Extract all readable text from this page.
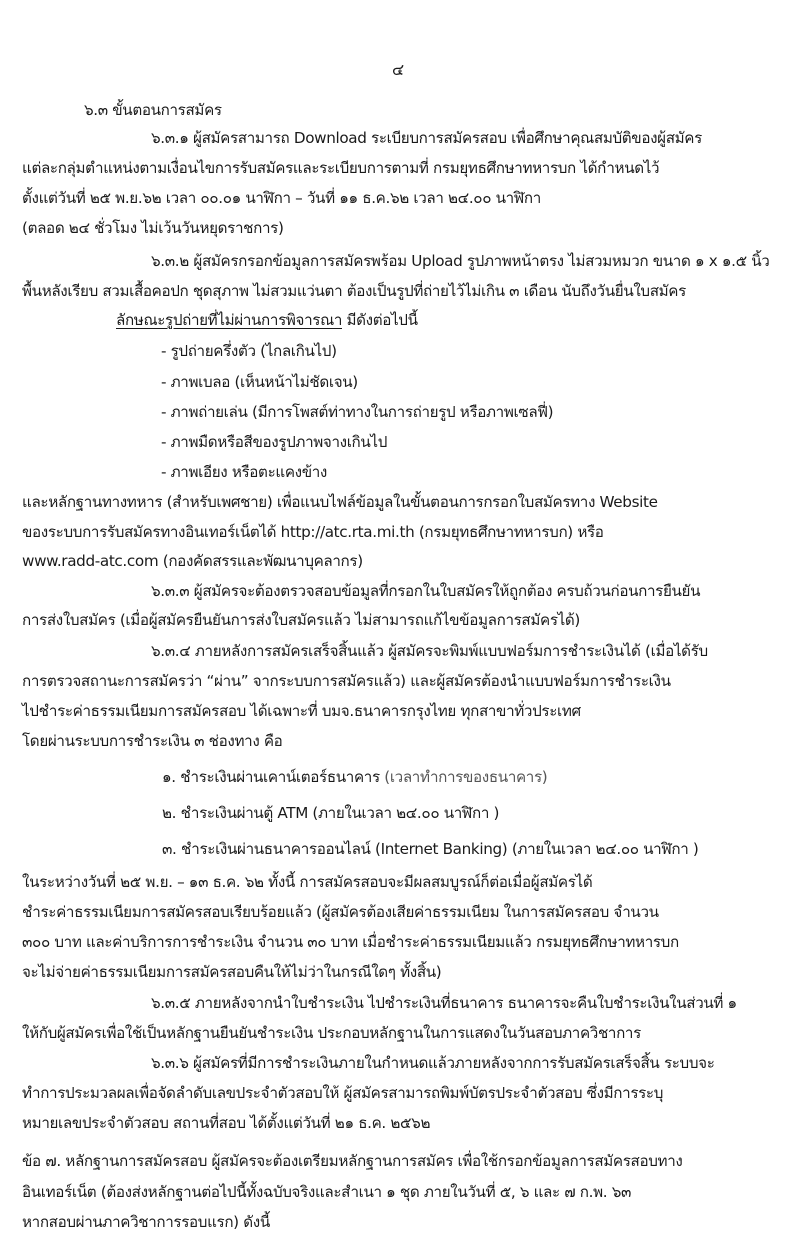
๔
๖.๓ ขั้นตอนการสมัคร
๖.๓.๑ ผู้สมัครสามารถ Download ระเบียบการสมัครสอบ เพื่อศึกษาคุณสมบัติของผู้สมัคร
แต่ละกลุ่มตำแหน่งตามเงื่อนไขการรับสมัครและระเบียบการตามที่ กรมยุทธศึกษาทหารบก ได้กำหนดไว้
ตั้งแต่วันที่ ๒๕ พ.ย.๖๒ เวลา ๐๐.๐๑ นาฬิกา – วันที่ ๑๑ ธ.ค.๖๒ เวลา ๒๔.๐๐ นาฬิกา
(ตลอด ๒๔ ชั่วโมง ไม่เว้นวันหยุดราชการ)
๖.๓.๒ ผู้สมัครกรอกข้อมูลการสมัครพร้อม Upload รูปภาพหน้าตรง ไม่สวมหมวก ขนาด ๑ x ๑.๕ นิ้ว
พื้นหลังเรียบ สวมเสื้อคอปก ชุดสุภาพ ไม่สวมแว่นตา ต้องเป็นรูปที่ถ่ายไว้ไม่เกิน ๓ เดือน นับถึงวันยื่นใบสมัคร
ลักษณะรูปถ่ายที่ไม่ผ่านการพิจารณา มีดังต่อไปนี้
- รูปถ่ายครึ่งตัว (ไกลเกินไป)
- ภาพเบลอ (เห็นหน้าไม่ชัดเจน)
- ภาพถ่ายเล่น (มีการโพสต์ท่าทางในการถ่ายรูป หรือภาพเซลฟี่)
- ภาพมืดหรือสีของรูปภาพจางเกินไป
- ภาพเอียง หรือตะแคงข้าง
และหลักฐานทางทหาร (สำหรับเพศชาย) เพื่อแนบไฟล์ข้อมูลในขั้นตอนการกรอกใบสมัครทาง Website
ของระบบการรับสมัครทางอินเทอร์เน็ตได้ http://atc.rta.mi.th (กรมยุทธศึกษาทหารบก) หรือ
www.radd-atc.com (กองคัดสรรและพัฒนาบุคลากร)
๖.๓.๓ ผู้สมัครจะต้องตรวจสอบข้อมูลที่กรอกในใบสมัครให้ถูกต้อง ครบถ้วนก่อนการยืนยัน
การส่งใบสมัคร (เมื่อผู้สมัครยืนยันการส่งใบสมัครแล้ว ไม่สามารถแก้ไขข้อมูลการสมัครได้)
๖.๓.๔ ภายหลังการสมัครเสร็จสิ้นแล้ว ผู้สมัครจะพิมพ์แบบฟอร์มการชำระเงินได้ (เมื่อได้รับ
การตรวจสถานะการสมัครว่า “ผ่าน” จากระบบการสมัครแล้ว) และผู้สมัครต้องนำแบบฟอร์มการชำระเงิน
ไปชำระค่าธรรมเนียมการสมัครสอบ ได้เฉพาะที่ บมจ.ธนาคารกรุงไทย ทุกสาขาทั่วประเทศ
โดยผ่านระบบการชำระเงิน ๓ ช่องทาง คือ
๑. ชำระเงินผ่านเคาน์เตอร์ธนาคาร (เวลาทำการของธนาคาร)
๒. ชำระเงินผ่านตู้ ATM (ภายในเวลา ๒๔.๐๐ นาฬิกา )
๓. ชำระเงินผ่านธนาคารออนไลน์ (Internet Banking) (ภายในเวลา ๒๔.๐๐ นาฬิกา )
ในระหว่างวันที่ ๒๕ พ.ย. – ๑๓ ธ.ค. ๖๒ ทั้งนี้ การสมัครสอบจะมีผลสมบูรณ์ก็ต่อเมื่อผู้สมัครได้
ชำระค่าธรรมเนียมการสมัครสอบเรียบร้อยแล้ว (ผู้สมัครต้องเสียค่าธรรมเนียม ในการสมัครสอบ จำนวน
๓๐๐ บาท และค่าบริการการชำระเงิน จำนวน ๓๐ บาท เมื่อชำระค่าธรรมเนียมแล้ว กรมยุทธศึกษาทหารบก
จะไม่จ่ายค่าธรรมเนียมการสมัครสอบคืนให้ไม่ว่าในกรณีใดๆ ทั้งสิ้น)
๖.๓.๕ ภายหลังจากนำใบชำระเงิน ไปชำระเงินที่ธนาคาร ธนาคารจะคืนใบชำระเงินในส่วนที่ ๑
ให้กับผู้สมัครเพื่อใช้เป็นหลักฐานยืนยันชำระเงิน ประกอบหลักฐานในการแสดงในวันสอบภาควิชาการ
๖.๓.๖ ผู้สมัครที่มีการชำระเงินภายในกำหนดแล้วภายหลังจากการรับสมัครเสร็จสิ้น ระบบจะ
ทำการประมวลผลเพื่อจัดลำดับเลขประจำตัวสอบให้ ผู้สมัครสามารถพิมพ์บัตรประจำตัวสอบ ซึ่งมีการระบุ
หมายเลขประจำตัวสอบ สถานที่สอบ ได้ตั้งแต่วันที่ ๒๑ ธ.ค. ๒๕๖๒
ข้อ ๗. หลักฐานการสมัครสอบ ผู้สมัครจะต้องเตรียมหลักฐานการสมัคร เพื่อใช้กรอกข้อมูลการสมัครสอบทาง
อินเทอร์เน็ต (ต้องส่งหลักฐานต่อไปนี้ทั้งฉบับจริงและสำเนา ๑ ชุด ภายในวันที่ ๕, ๖ และ ๗ ก.พ. ๖๓
หากสอบผ่านภาควิชาการรอบแรก) ดังนี้
